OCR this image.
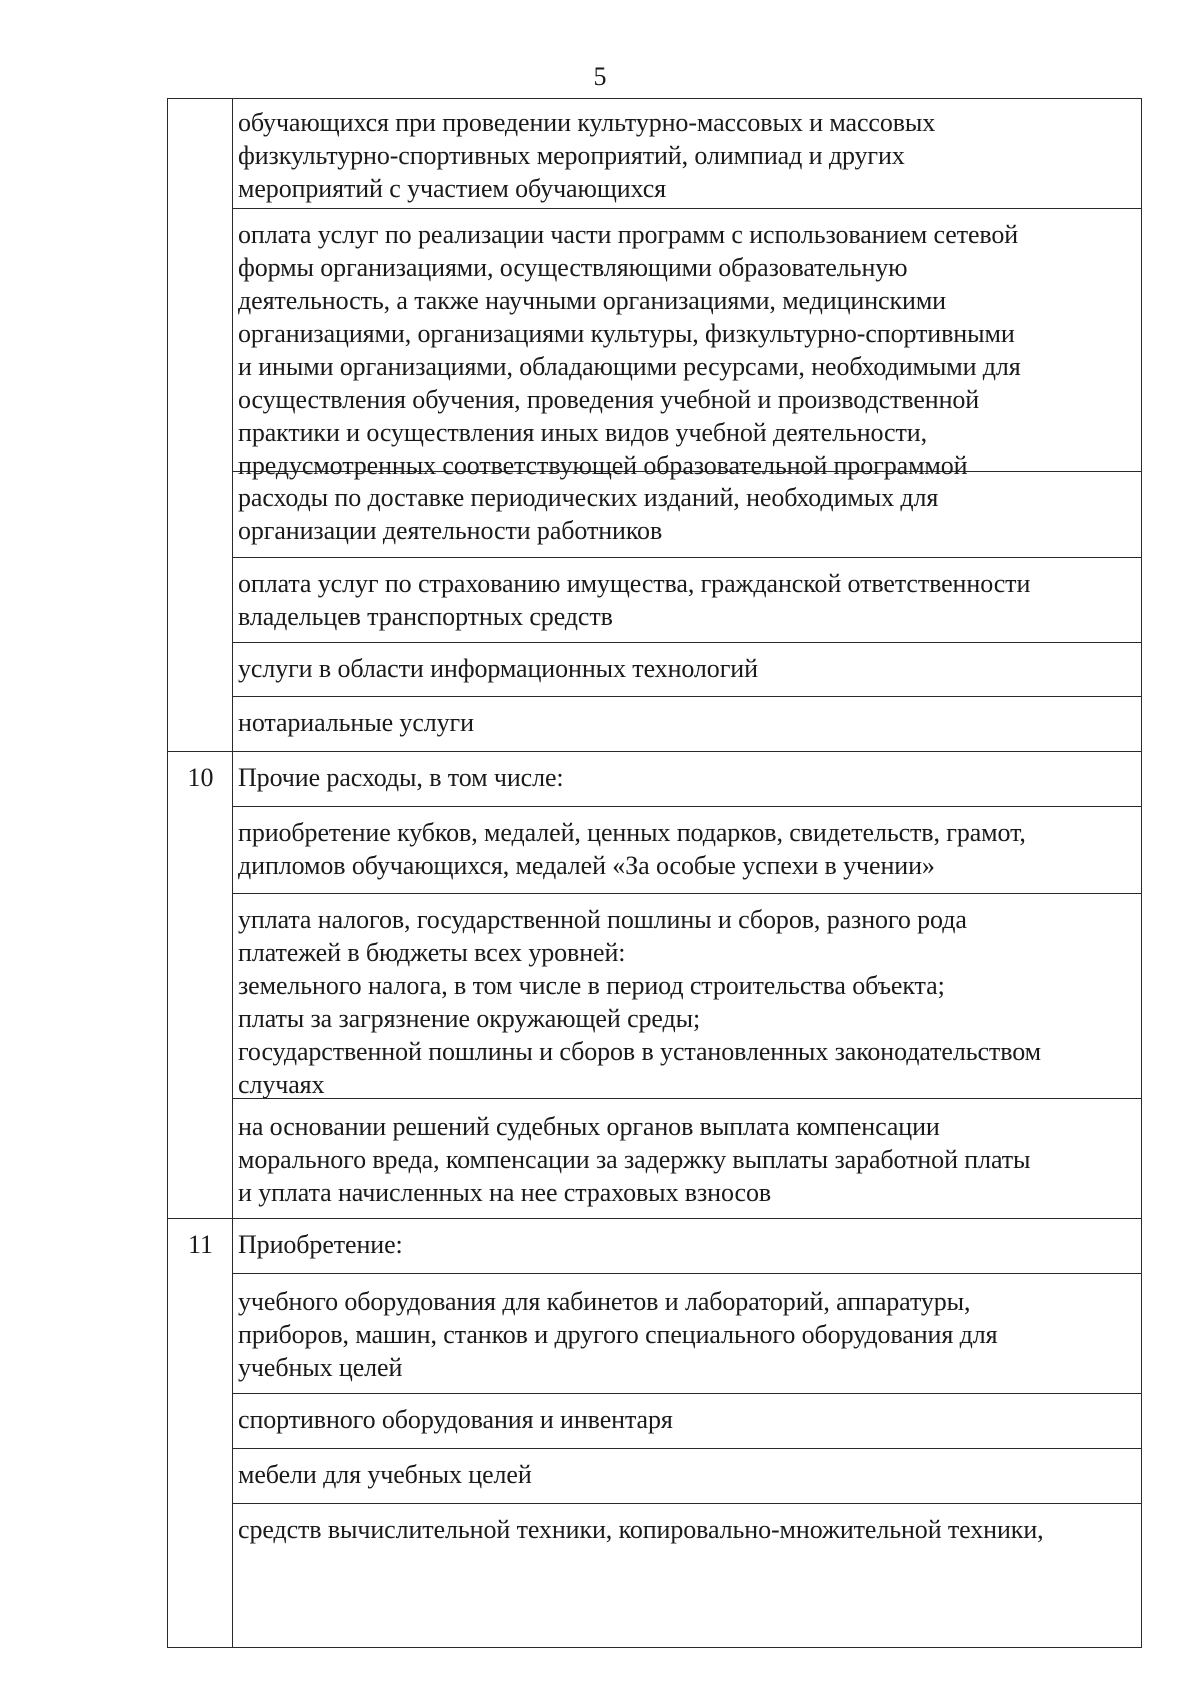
5
обучающихся при проведении культурно-массовых и массовых
физкультурно-спортивных мероприятий, олимпиад и других
мероприятий с участием обучающихся
оплата услуг по реализации части программ с использованием сетевой
формы организациями, осуществляющими образовательную
деятельность, а также научными организациями, медицинскими
организациями, организациями культуры, физкультурно-спортивными
и иными организациями, обладающими ресурсами, необходимыми для
осуществления обучения, проведения учебной и производственной
практики и осуществления иных видов учебной деятельности,
предусмотренных соответствующей образовательной программой
расходы по доставке периодических изданий, необходимых для
организации деятельности работников
оплата услуг по страхованию имущества, гражданской ответственности
владельцев транспортных средств
услуги в области информационных технологий
нотариальные услуги
10 Прочие расходы, в том числе:
приобретение кубков, медалей, ценных подарков, свидетельств, грамот,
дипломов обучающихся, медалей «За особые успехи в учении»
уплата налогов, государственной пошлины и сборов, разного рода
платежей в бюджеты всех уровней:
земельного налога, в том числе в период строительства объекта;
платы за загрязнение окружающей среды;
государственной пошлины и сборов в установленных законодательством
случаях
на основании решений судебных органов выплата компенсации
морального вреда, компенсации за задержку выплаты заработной платы
и уплата начисленных на нее страховых взносов
11 Приобретение:
учебного оборудования для кабинетов и лабораторий, аппаратуры,
приборов, машин, станков и другого специального оборудования для
учебных целей
спортивного оборудования и инвентаря
мебели для учебных целей
средств вычислительной техники, копировально-множительной техники,
